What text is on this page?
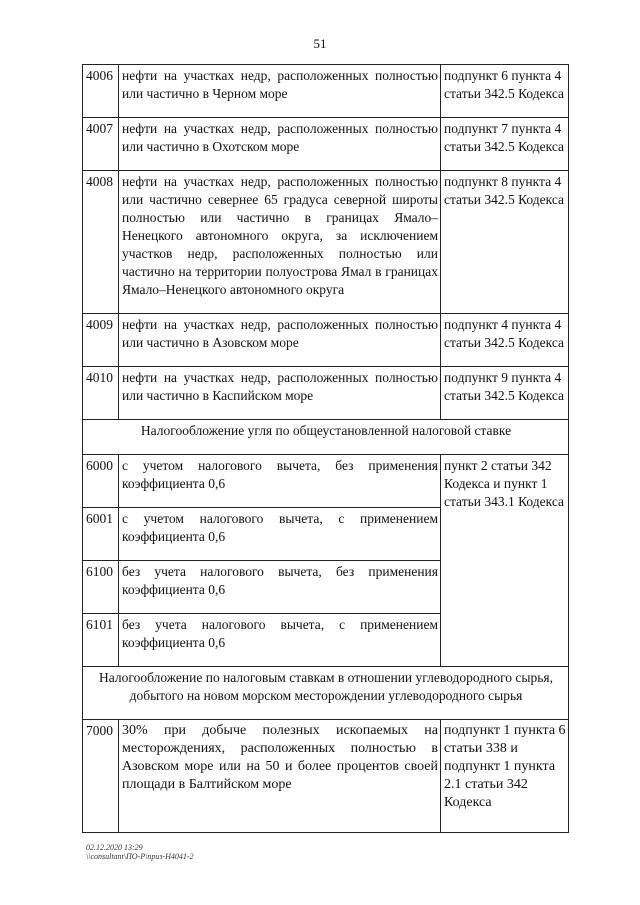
51
4006	нефти на участках недр, расположенных полностью или частично в Черном море	подпункт 6 пункта 4 статьи 342.5 Кодекса
4007	нефти на участках недр, расположенных полностью или частично в Охотском море	подпункт 7 пункта 4 статьи 342.5 Кодекса
4008	нефти на участках недр, расположенных полностью или частично севернее 65 градуса северной широты полностью или частично в границах Ямало–Ненецкого автономного округа, за исключением участков недр, расположенных полностью или частично на территории полуострова Ямал в границах Ямало–Ненецкого автономного округа	подпункт 8 пункта 4 статьи 342.5 Кодекса
4009	нефти на участках недр, расположенных полностью или частично в Азовском море	подпункт 4 пункта 4 статьи 342.5 Кодекса
4010	нефти на участках недр, расположенных полностью или частично в Каспийском море	подпункт 9 пункта 4 статьи 342.5 Кодекса
Налогообложение угля по общеустановленной налоговой ставке		
6000	с учетом налогового вычета, без применения коэффициента 0,6	пункт 2 статьи 342 Кодекса и пункт 1 статьи 343.1 Кодекса
6001	с учетом налогового вычета, с применением коэффициента 0,6	
6100	без учета налогового вычета, без применения коэффициента 0,6	
6101	без учета налогового вычета, с применением коэффициента 0,6	
Налогообложение по налоговым ставкам в отношении углеводородного сырья, добытого на новом морском месторождении углеводородного сырья		
7000	30% при добыче полезных ископаемых на месторождениях, расположенных полностью в Азовском море или на 50 и более процентов своей площади в Балтийском море	подпункт 1 пункта 6 статьи 338 и подпункт 1 пункта 2.1 статьи 342 Кодекса
02.12.2020 13:29
\\consultant\ПО-Р\приз-Н4041-2
